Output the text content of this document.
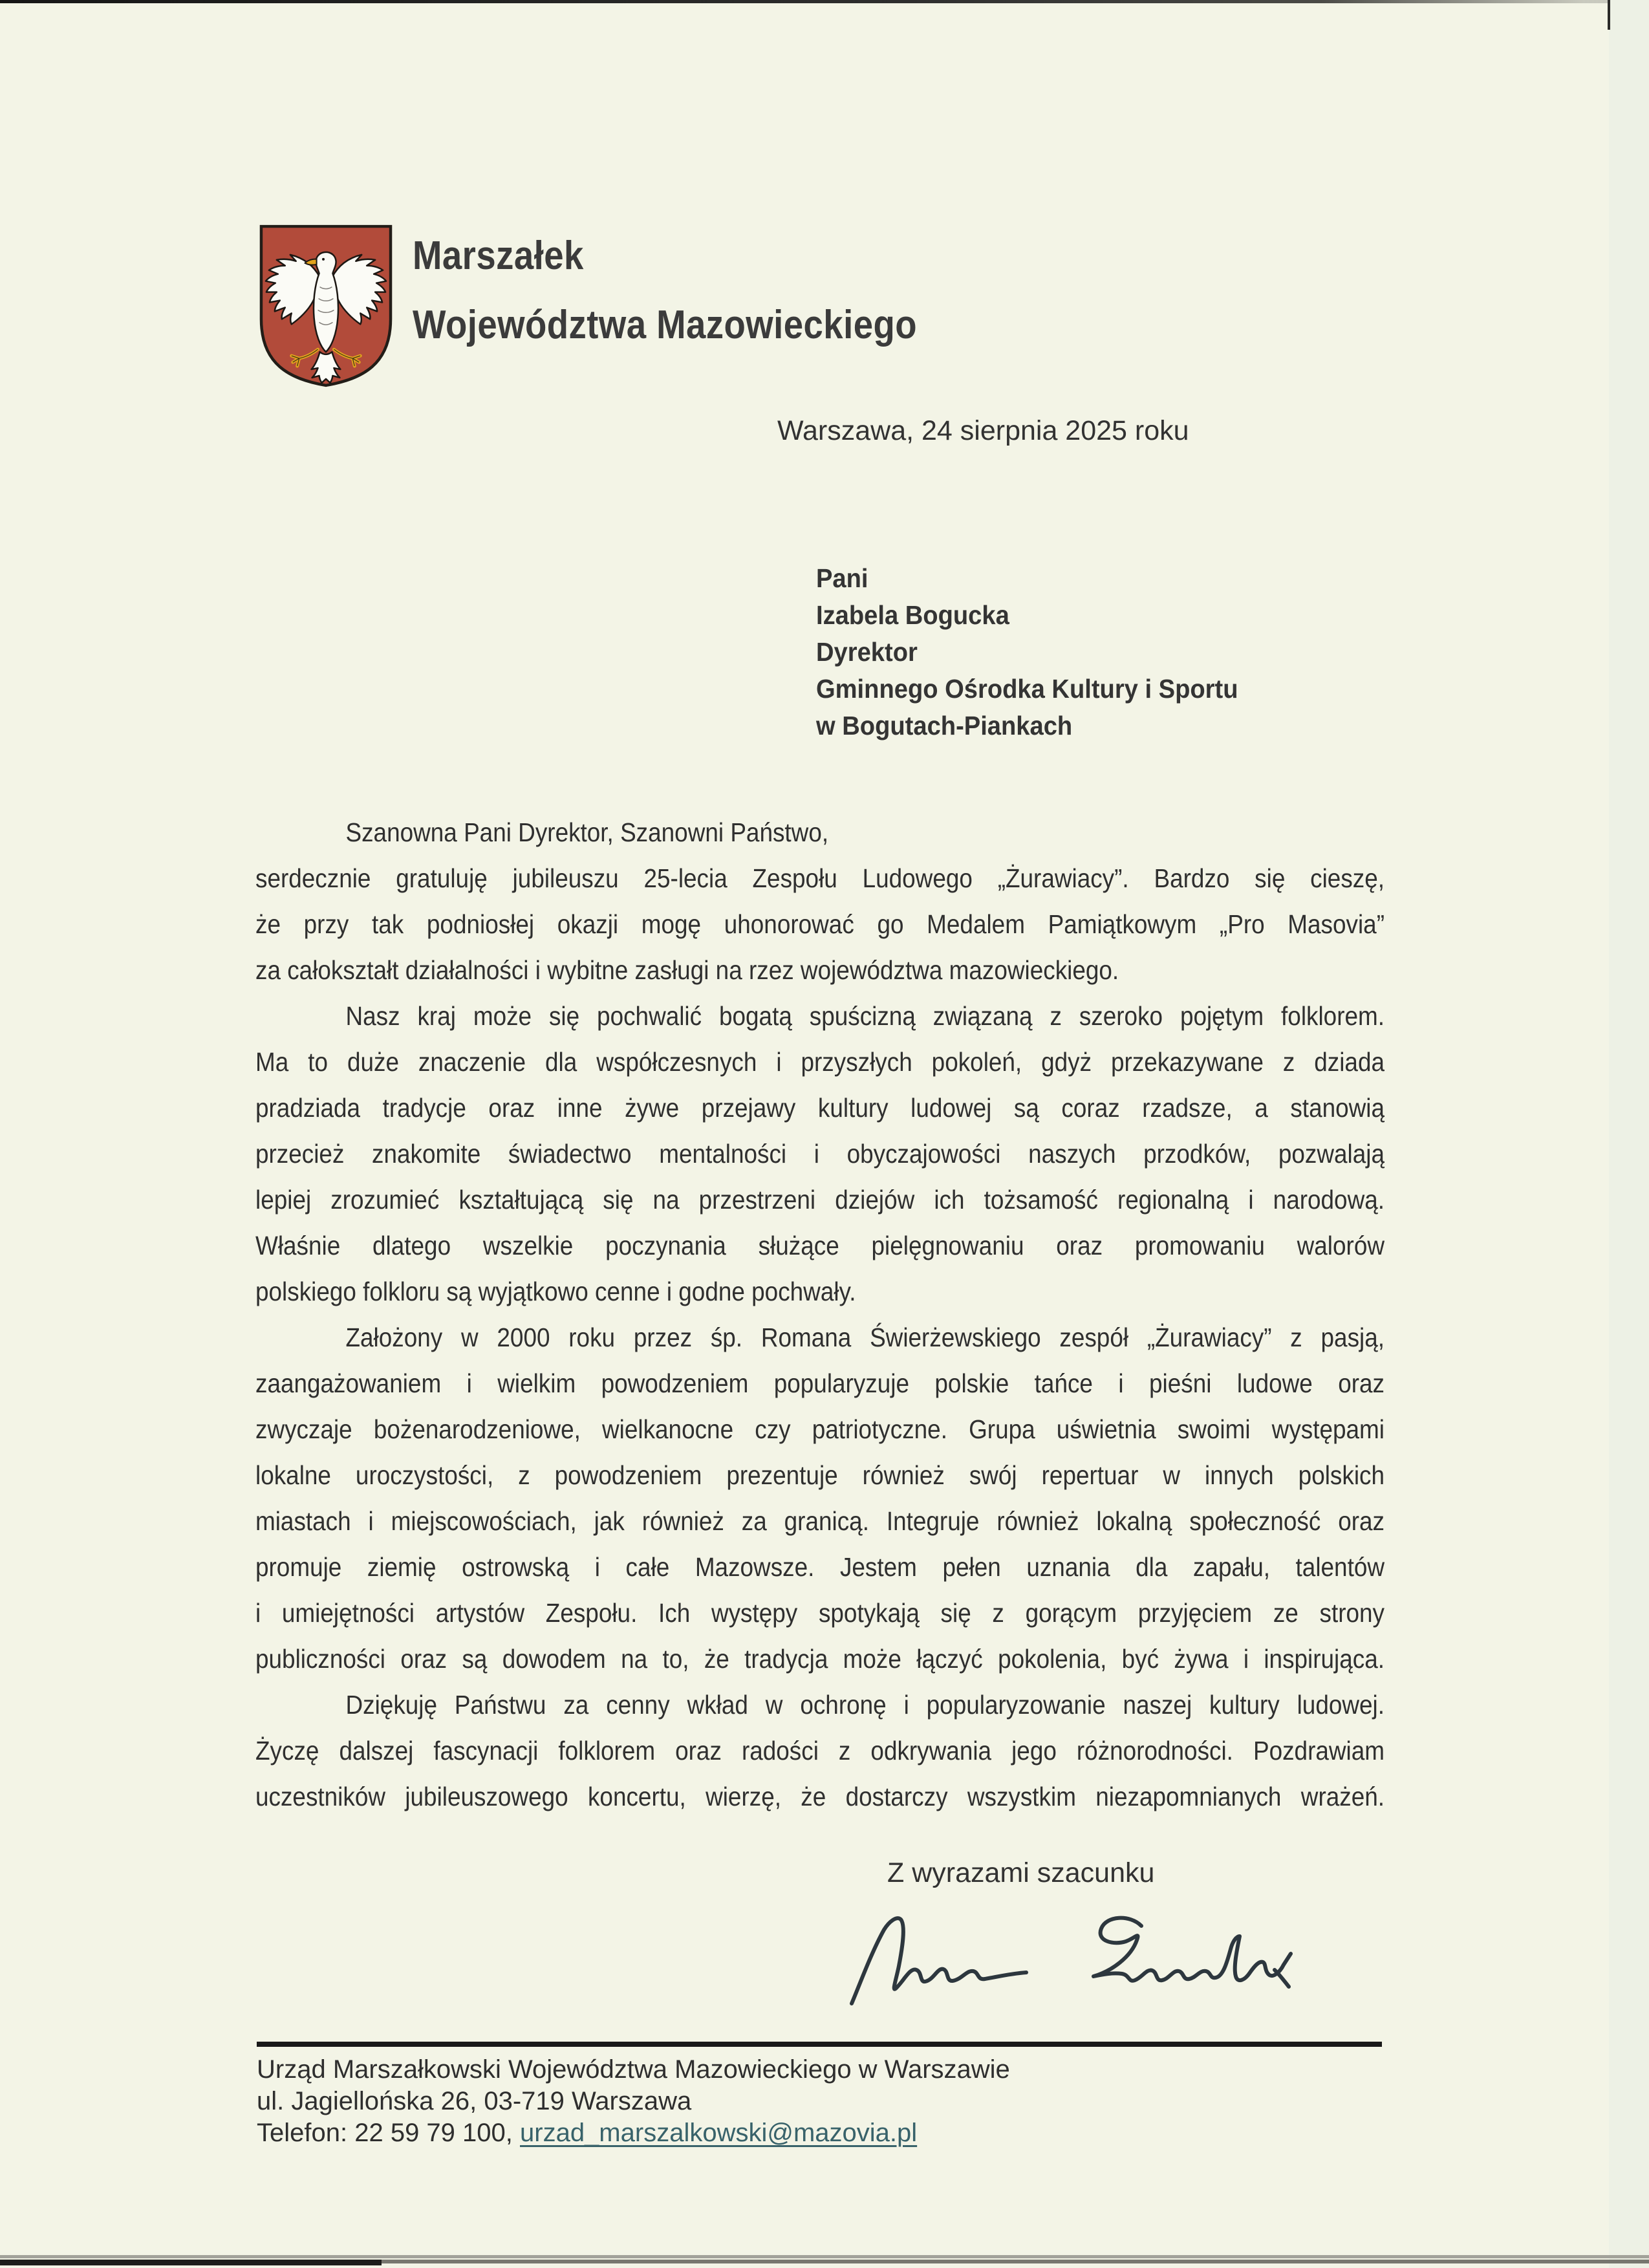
Marszałek
Województwa Mazowieckiego
Warszawa, 24 sierpnia 2025 roku
Pani
Izabela Bogucka
Dyrektor
Gminnego Ośrodka Kultury i Sportu
w Bogutach-Piankach
Szanowna Pani Dyrektor, Szanowni Państwo,
serdecznie gratuluję jubileuszu 25-lecia Zespołu Ludowego „Żurawiacy”. Bardzo się cieszę,
że przy tak podniosłej okazji mogę uhonorować go Medalem Pamiątkowym „Pro Masovia”
za całokształt działalności i wybitne zasługi na rzez województwa mazowieckiego.
Nasz kraj może się pochwalić bogatą spuścizną związaną z szeroko pojętym folklorem.
Ma to duże znaczenie dla współczesnych i przyszłych pokoleń, gdyż przekazywane z dziada
pradziada tradycje oraz inne żywe przejawy kultury ludowej są coraz rzadsze, a stanowią
przecież znakomite świadectwo mentalności i obyczajowości naszych przodków, pozwalają
lepiej zrozumieć kształtującą się na przestrzeni dziejów ich tożsamość regionalną i narodową.
Właśnie dlatego wszelkie poczynania służące pielęgnowaniu oraz promowaniu walorów
polskiego folkloru są wyjątkowo cenne i godne pochwały.
Założony w 2000 roku przez śp. Romana Świerżewskiego zespół „Żurawiacy” z pasją,
zaangażowaniem i wielkim powodzeniem popularyzuje polskie tańce i pieśni ludowe oraz
zwyczaje bożenarodzeniowe, wielkanocne czy patriotyczne. Grupa uświetnia swoimi występami
lokalne uroczystości, z powodzeniem prezentuje również swój repertuar w innych polskich
miastach i miejscowościach, jak również za granicą. Integruje również lokalną społeczność oraz
promuje ziemię ostrowską i całe Mazowsze. Jestem pełen uznania dla zapału, talentów
i umiejętności artystów Zespołu. Ich występy spotykają się z gorącym przyjęciem ze strony
publiczności oraz są dowodem na to, że tradycja może łączyć pokolenia, być żywa i inspirująca.
Dziękuję Państwu za cenny wkład w ochronę i popularyzowanie naszej kultury ludowej.
Życzę dalszej fascynacji folklorem oraz radości z odkrywania jego różnorodności. Pozdrawiam
uczestników jubileuszowego koncertu, wierzę, że dostarczy wszystkim niezapomnianych wrażeń.
Z wyrazami szacunku
Urząd Marszałkowski Województwa Mazowieckiego w Warszawie
ul. Jagiellońska 26, 03-719 Warszawa
Telefon: 22 59 79 100, urzad_marszalkowski@mazovia.pl
